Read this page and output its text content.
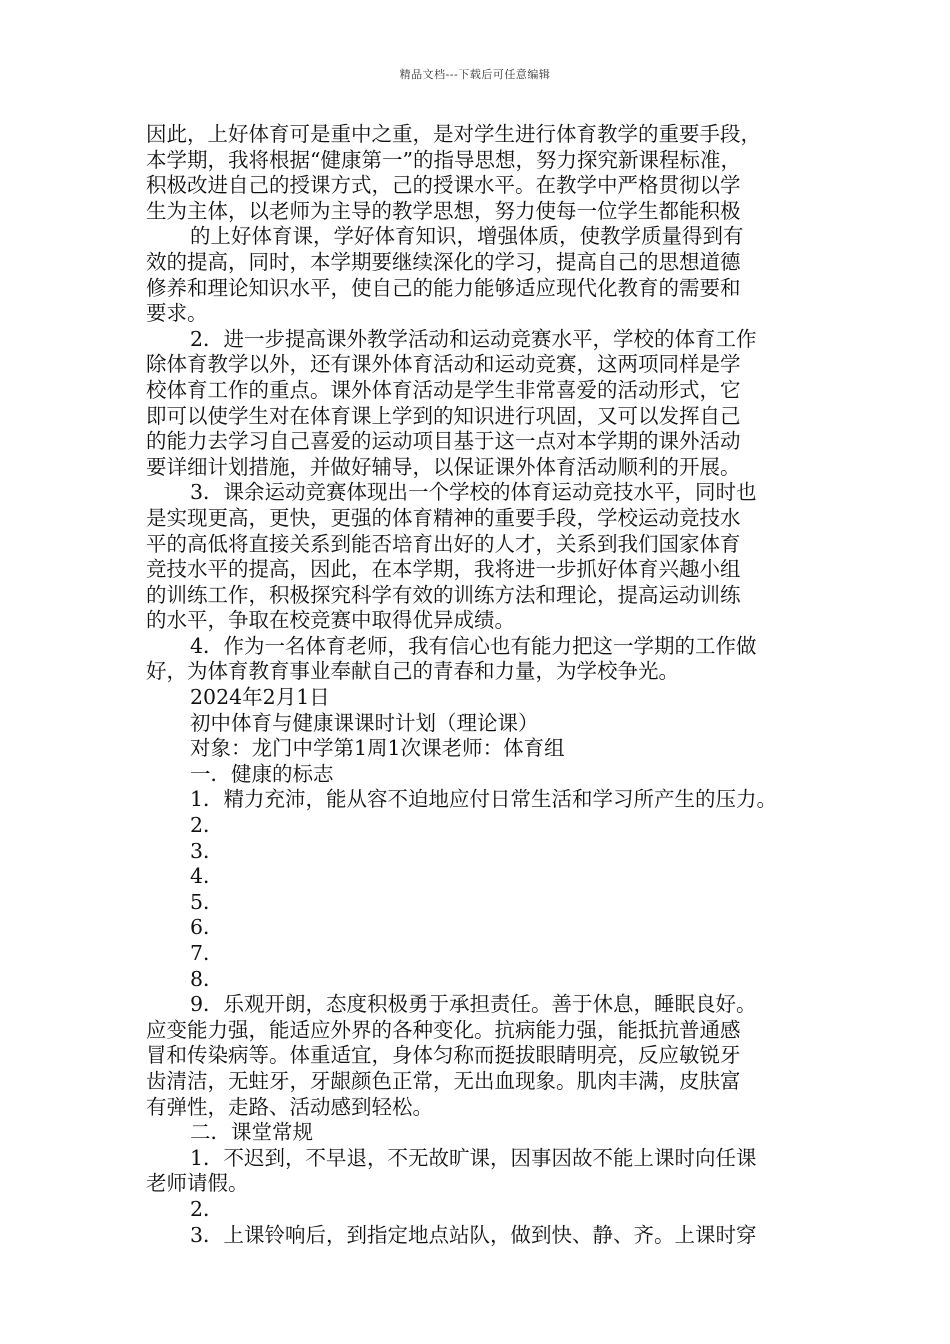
精品文档---下载后可任意编辑

因此，上好体育可是重中之重，是对学生进行体育教学的重要手段，

本学期，我将根据“健康第一”的指导思想，努力探究新课程标准，

积极改进自己的授课方式，己的授课水平。在教学中严格贯彻以学

生为主体，以老师为主导的教学思想，努力使每一位学生都能积极

的上好体育课，学好体育知识，增强体质，使教学质量得到有

效的提高，同时，本学期要继续深化的学习，提高自己的思想道德

修养和理论知识水平，使自己的能力能够适应现代化教育的需要和

要求。

2．进一步提高课外教学活动和运动竞赛水平，学校的体育工作

除体育教学以外，还有课外体育活动和运动竞赛，这两项同样是学

校体育工作的重点。课外体育活动是学生非常喜爱的活动形式，它

即可以使学生对在体育课上学到的知识进行巩固，又可以发挥自己

的能力去学习自己喜爱的运动项目基于这一点对本学期的课外活动

要详细计划措施，并做好辅导，以保证课外体育活动顺利的开展。

3．课余运动竞赛体现出一个学校的体育运动竞技水平，同时也

是实现更高，更快，更强的体育精神的重要手段，学校运动竞技水

平的高低将直接关系到能否培育出好的人才，关系到我们国家体育

竞技水平的提高，因此，在本学期，我将进一步抓好体育兴趣小组

的训练工作，积极探究科学有效的训练方法和理论，提高运动训练

的水平，争取在校竞赛中取得优异成绩。

4．作为一名体育老师，我有信心也有能力把这一学期的工作做

好，为体育教育事业奉献自己的青春和力量，为学校争光。

2024年2月1日

初中体育与健康课课时计划（理论课）

对象：龙门中学第1周1次课老师：体育组

一．健康的标志

1．精力充沛，能从容不迫地应付日常生活和学习所产生的压力。

2．

3．

4．

5．

6．

7．

8．

9．乐观开朗，态度积极勇于承担责任。善于休息，睡眠良好。

应变能力强，能适应外界的各种变化。抗病能力强，能抵抗普通感

冒和传染病等。体重适宜，身体匀称而挺拔眼睛明亮，反应敏锐牙

齿清洁，无蛀牙，牙龈颜色正常，无出血现象。肌肉丰满，皮肤富

有弹性，走路、活动感到轻松。

二．课堂常规

1．不迟到，不早退，不无故旷课，因事因故不能上课时向任课

老师请假。

2．

3．上课铃响后，到指定地点站队，做到快、静、齐。上课时穿
